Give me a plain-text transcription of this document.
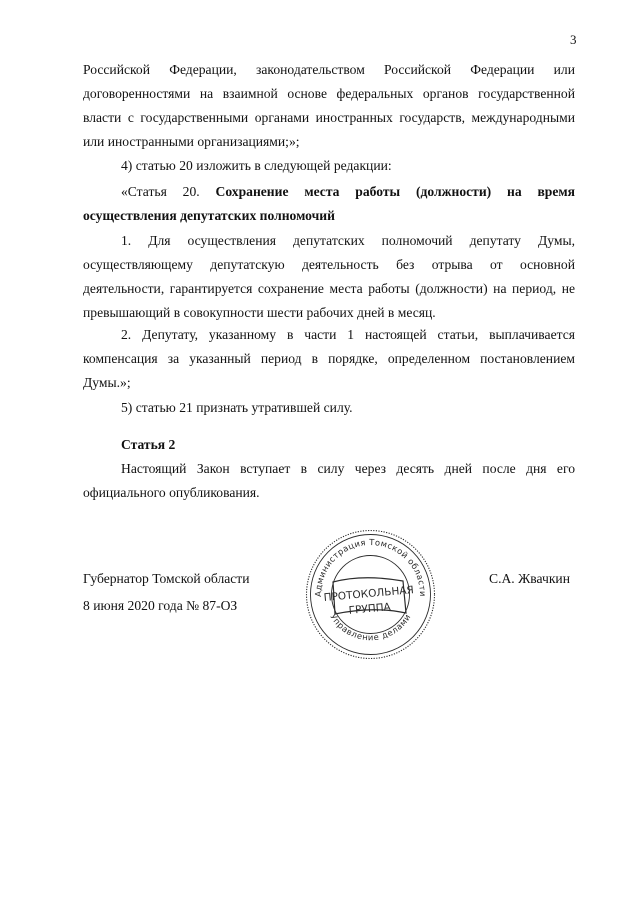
3

Российской Федерации, законодательством Российской Федерации или

договоренностями на взаимной основе федеральных органов государственной

власти с государственными органами иностранных государств, международными

или иностранными организациями;»;

4) статью 20 изложить в следующей редакции:

«Статья 20. Сохранение места работы (должности) на время

осуществления депутатских полномочий

1. Для осуществления депутатских полномочий депутату Думы,

осуществляющему депутатскую деятельность без отрыва от основной

деятельности, гарантируется сохранение места работы (должности) на период, не

превышающий в совокупности шести рабочих дней в месяц.

2. Депутату, указанному в части 1 настоящей статьи, выплачивается

компенсация за указанный период в порядке, определенном постановлением

Думы.»;

5) статью 21 признать утратившей силу.

Статья 2

Настоящий Закон вступает в силу через десять дней после дня его

официального опубликования.

Губернатор Томской области
8 июня 2020 года № 87-ОЗ
С.А. Жвачкин
Администрация Томской области
Управление делами
ПРОТОКОЛЬНАЯ
ГРУППА
